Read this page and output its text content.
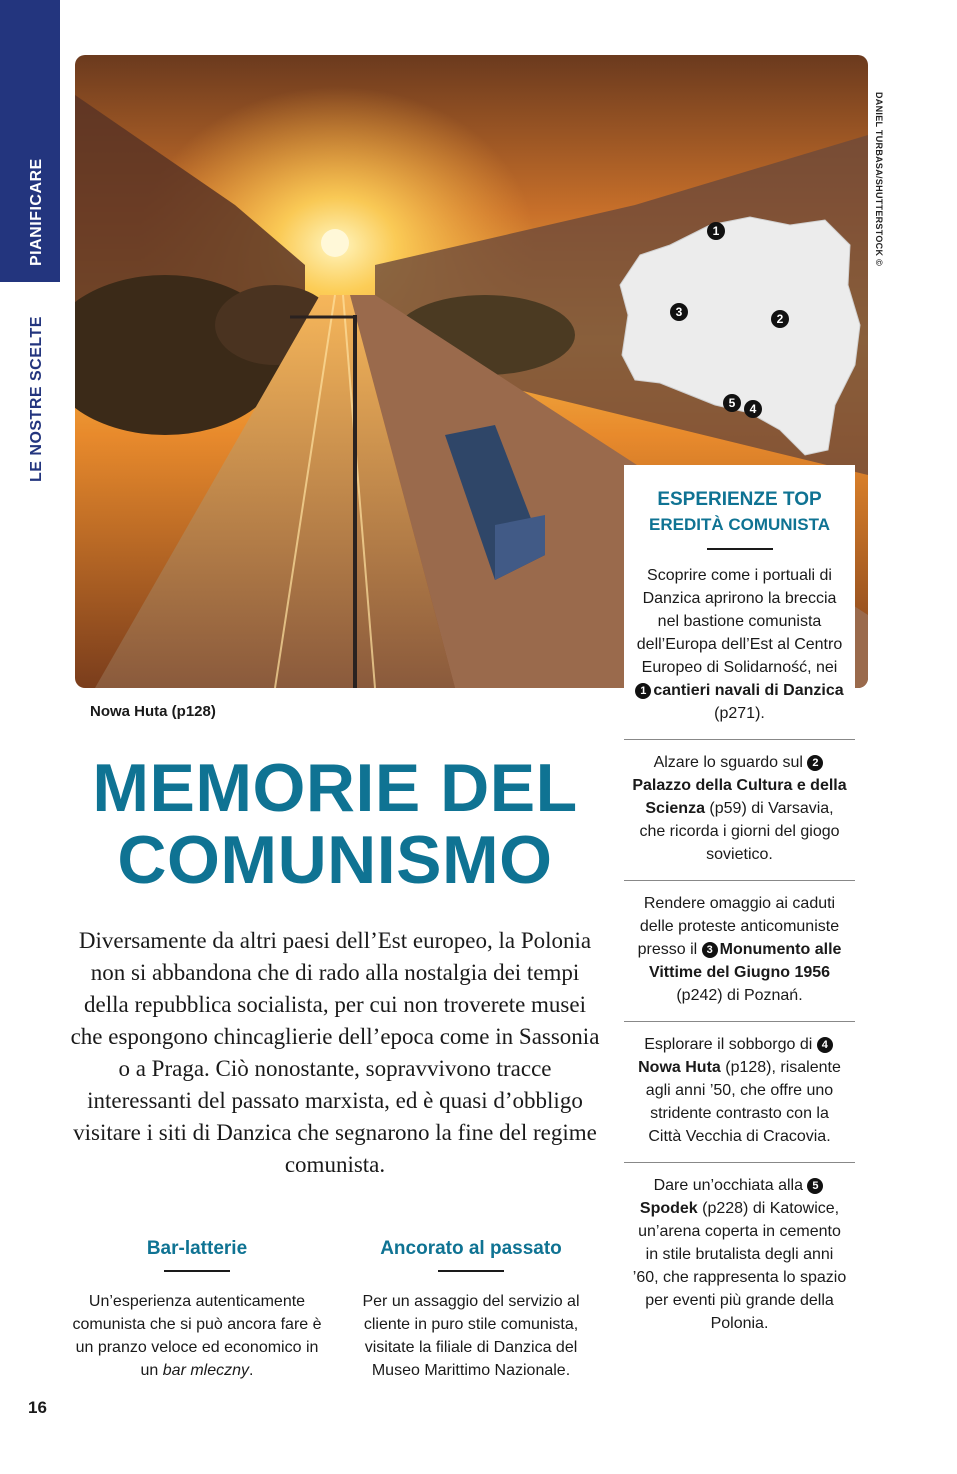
PIANIFICARE
LE NOSTRE SCELTE
16
DANIEL TURBASA/SHUTTERSTOCK ©
Nowa Huta (p128)
1
2
3
4
5
MEMORIE DEL
COMUNISMO
Diversamente da altri paesi dell’Est europeo, la Polonia non si abbandona che di rado alla nostalgia dei tempi della repubblica socialista, per cui non troverete musei che espongono chincaglierie dell’epoca come in Sassonia o a Praga. Ciò nonostante, sopravvivono tracce interessanti del passato marxista, ed è quasi d’obbligo visitare i siti di Danzica che segnarono la fine del regime comunista.
Bar-latterie

Un’esperienza autenticamente comunista che si può ancora fare è un pranzo veloce ed economico in un bar mleczny.

Ancorato al passato

Per un assaggio del servizio al cliente in puro stile comunista, visitate la filiale di Danzica del Museo Marittimo Nazionale.

ESPERIENZE TOP
EREDITÀ COMUNISTA
Scoprire come i portuali di Danzica aprirono la breccia nel bastione comunista dell’Europa dell’Est al Centro Europeo di Solidarność, nei 1 cantieri navali di Danzica (p271).
Alzare lo sguardo sul 2Palazzo della Cultura e della Scienza (p59) di Varsavia, che ricorda i giorni del giogo sovietico.
Rendere omaggio ai caduti delle proteste anticomuniste presso il 3 Monumento alle Vittime del Giugno 1956 (p242) di Poznań.
Esplorare il sobborgo di 4Nowa Huta (p128), risalente agli anni ’50, che offre uno stridente contrasto con la Città Vecchia di Cracovia.
Dare un’occhiata alla 5Spodek (p228) di Katowice, un’arena coperta in cemento in stile brutalista degli anni ’60, che rappresenta lo spazio per eventi più grande della Polonia.
